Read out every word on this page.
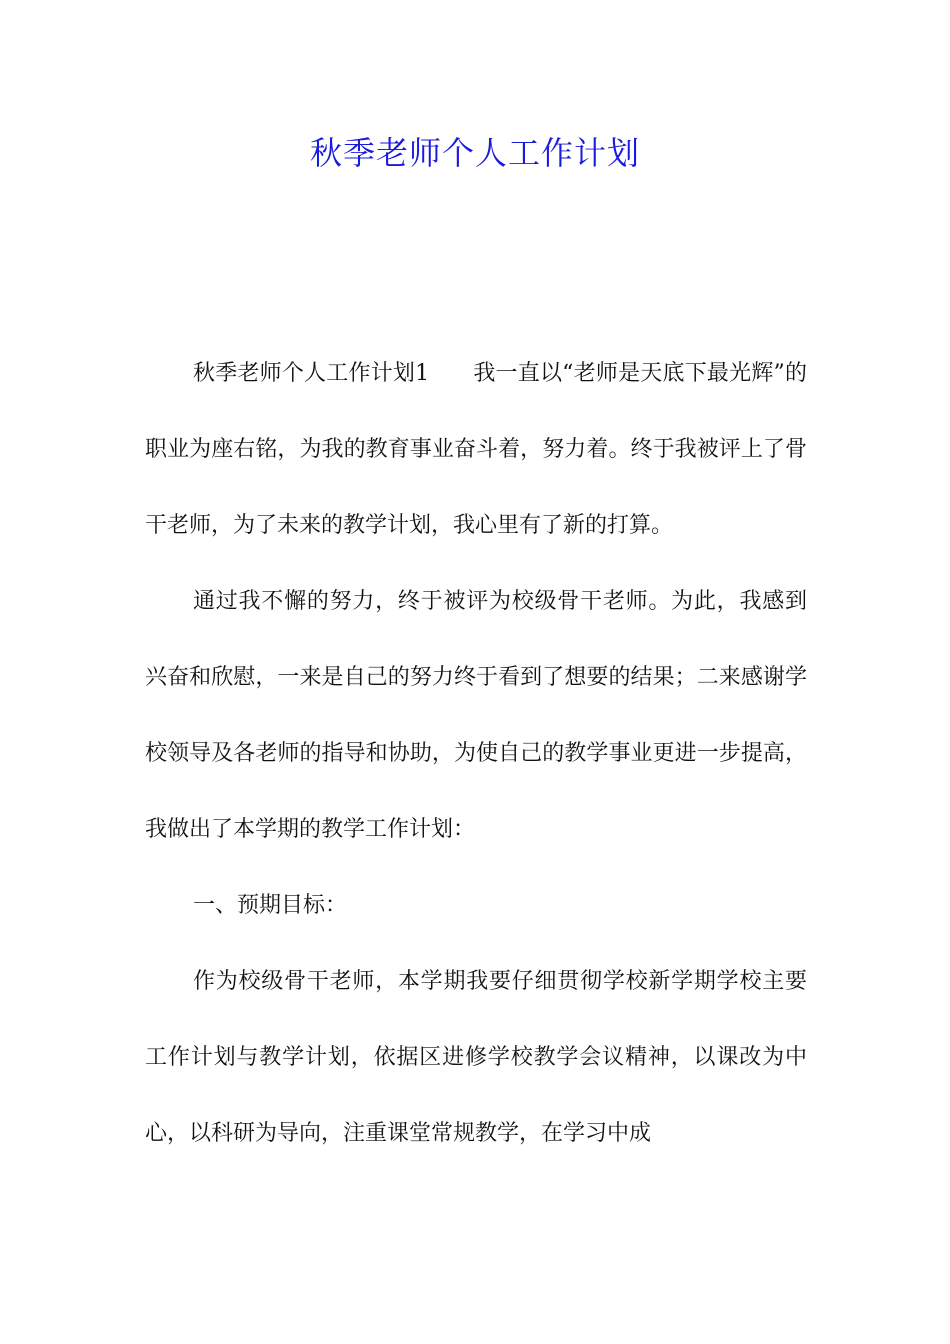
秋季老师个人工作计划

秋季老师个人工作计划1 我一直以“老师是天底下最光辉”的职业为座右铭，为我的教育事业奋斗着，努力着。终于我被评上了骨干老师，为了未来的教学计划，我心里有了新的打算。

通过我不懈的努力，终于被评为校级骨干老师。为此，我感到兴奋和欣慰，一来是自己的努力终于看到了想要的结果；二来感谢学校领导及各老师的指导和协助，为使自己的教学事业更进一步提高，我做出了本学期的教学工作计划：

一、预期目标：

作为校级骨干老师，本学期我要仔细贯彻学校新学期学校主要工作计划与教学计划，依据区进修学校教学会议精神，以课改为中心，以科研为导向，注重课堂常规教学，在学习中成
